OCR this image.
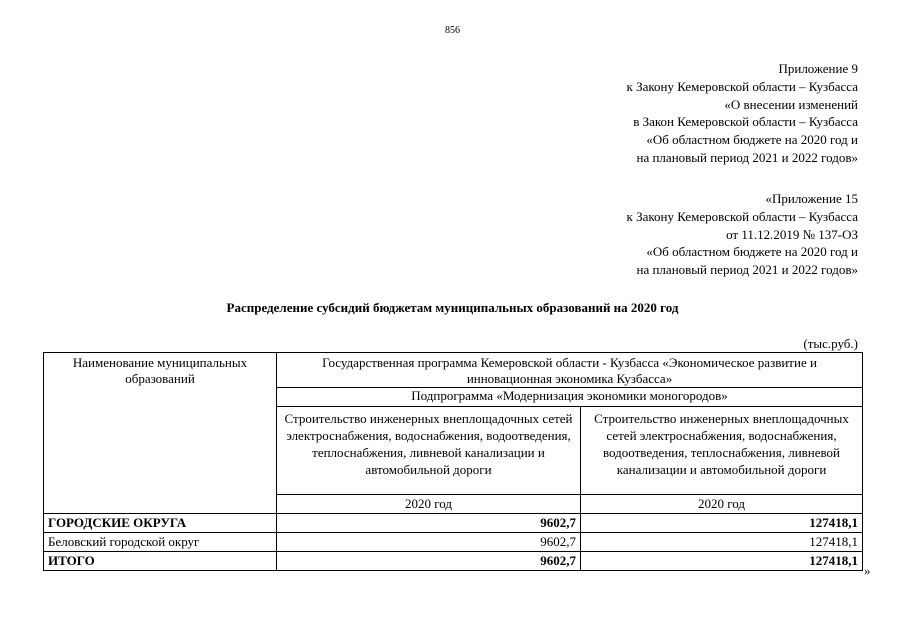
856
Приложение 9
к Закону Кемеровской области – Кузбасса
«О внесении изменений
в Закон Кемеровской области – Кузбасса
«Об областном бюджете на 2020 год и
на плановый период 2021 и 2022 годов»
«Приложение 15
к Закону Кемеровской области – Кузбасса
от 11.12.2019 № 137-ОЗ
«Об областном бюджете на 2020 год и
на плановый период 2021 и 2022 годов»
Распределение субсидий бюджетам муниципальных образований на 2020 год
(тыс.руб.)
Наименование муниципальных образований	Государственная программа Кемеровской области - Кузбасса «Экономическое развитие и инновационная экономика Кузбасса»	
	Подпрограмма «Модернизация экономики моногородов»	
	Строительство инженерных внеплощадочных сетей электроснабжения, водоснабжения, водоотведения, теплоснабжения, ливневой канализации и автомобильной дороги	Строительство инженерных внеплощадочных сетей электроснабжения, водоснабжения, водоотведения, теплоснабжения, ливневой канализации и автомобильной дороги
	2020 год	2020 год
ГОРОДСКИЕ ОКРУГА	9602,7	127418,1
Беловский городской округ	9602,7	127418,1
ИТОГО	9602,7	127418,1
»
